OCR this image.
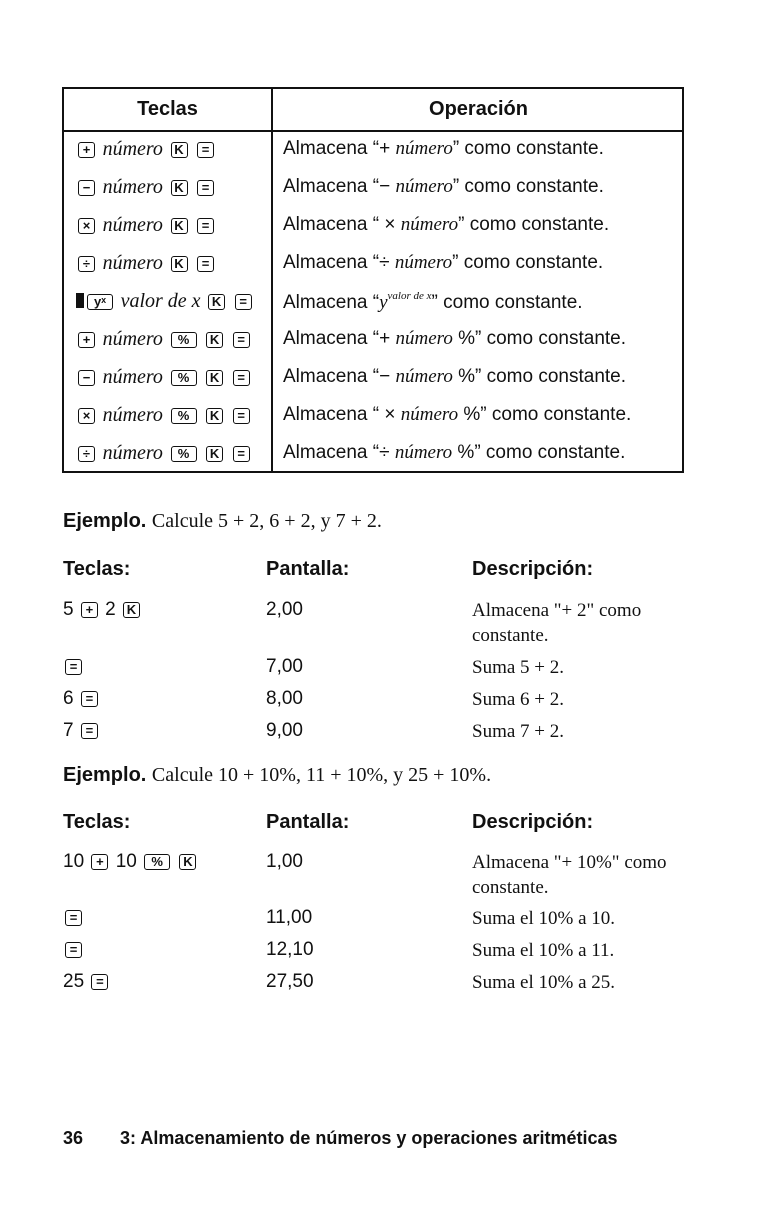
Teclas	Operación
+ número K =	Almacena “+ número” como constante.
− número K =	Almacena “− número” como constante.
× número K =	Almacena “ × número” como constante.
÷ número K =	Almacena “÷ número” como constante.
yˣ valor de x K =	Almacena “$y^{valor de x}$” como constante.
+ número % K =	Almacena “+ número %” como constante.
− número % K =	Almacena “− número %” como constante.
× número % K =	Almacena “ × número %” como constante.
÷ número % K =	Almacena “÷ número %” como constante.
Ejemplo. Calcule 5 + 2, 6 + 2, y 7 + 2.
Teclas:	Pantalla:	Descripción:
5 + 2 K	2,00	Almacena "+ 2" como constante.
=	7,00	Suma 5 + 2.
6 =	8,00	Suma 6 + 2.
7 =	9,00	Suma 7 + 2.
Ejemplo. Calcule 10 + 10%, 11 + 10%, y 25 + 10%.
Teclas:	Pantalla:	Descripción:
10 + 10 % K	1,00	Almacena "+ 10%" como constante.
=	11,00	Suma el 10% a 10.
=	12,10	Suma el 10% a 11.
25 =	27,50	Suma el 10% a 25.
36 3: Almacenamiento de números y operaciones aritméticas
